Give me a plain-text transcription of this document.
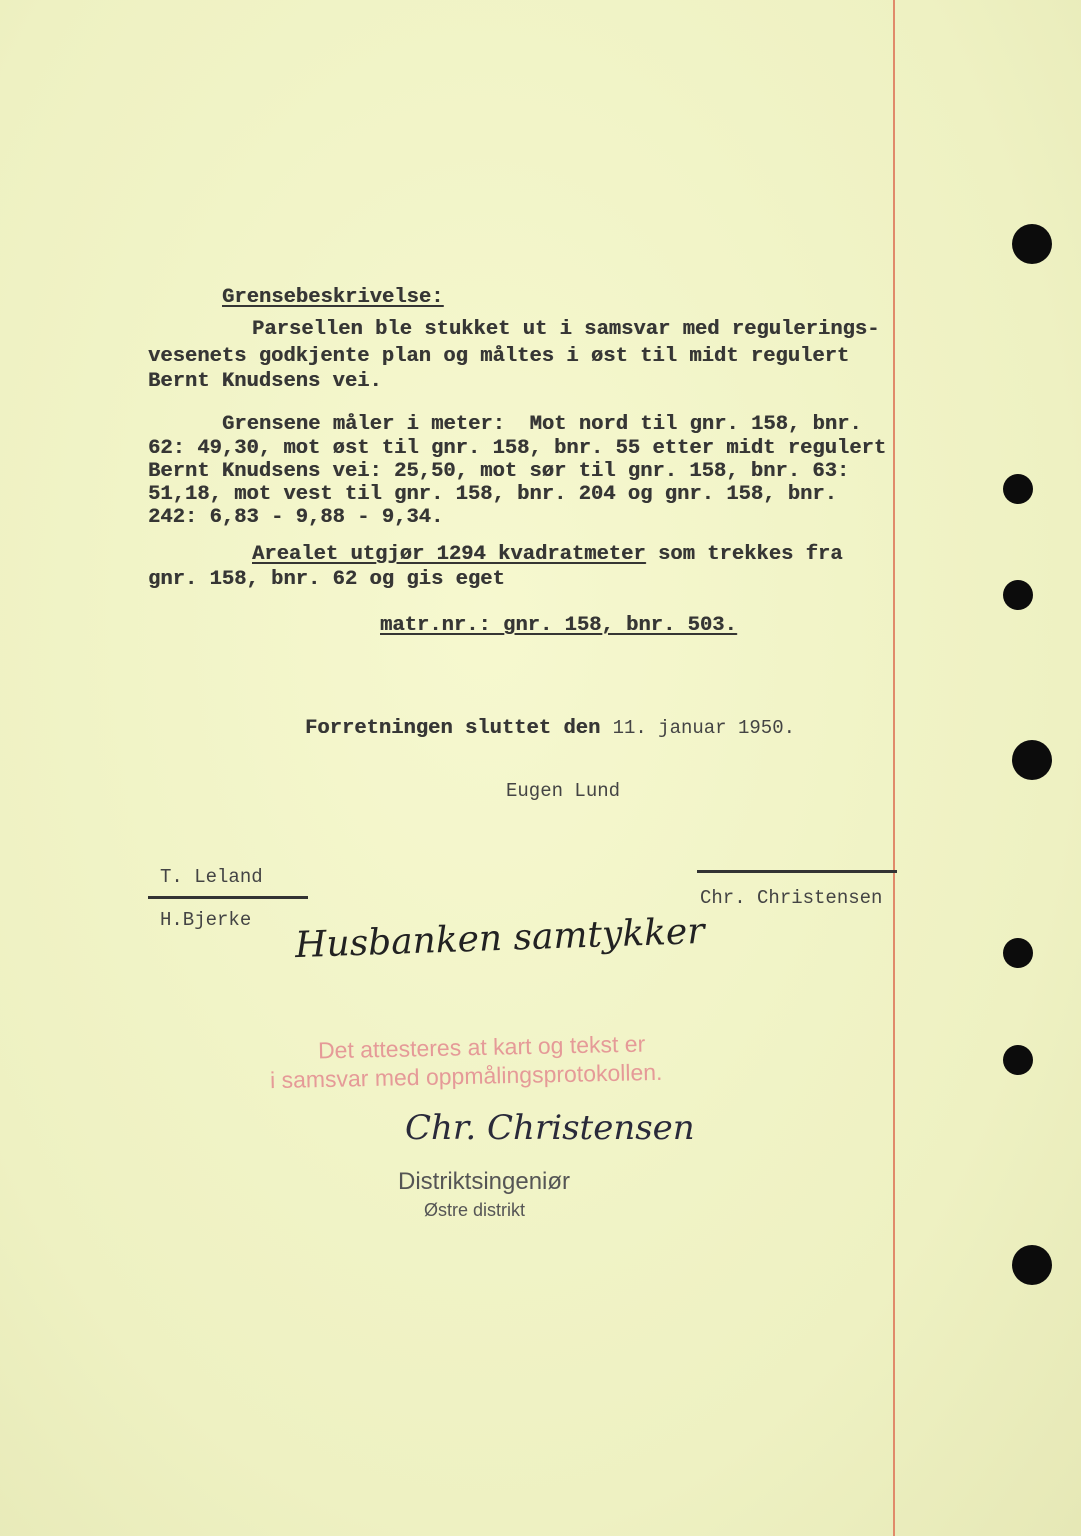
Grensebeskrivelse:
Parsellen ble stukket ut i samsvar med regulerings-
vesenets godkjente plan og måltes i øst til midt regulert
Bernt Knudsens vei.
Grensene måler i meter:  Mot nord til gnr. 158, bnr.
62: 49,30, mot øst til gnr. 158, bnr. 55 etter midt regulert
Bernt Knudsens vei: 25,50, mot sør til gnr. 158, bnr. 63:
51,18, mot vest til gnr. 158, bnr. 204 og gnr. 158, bnr.
242: 6,83 - 9,88 - 9,34.
Arealet utgjør 1294 kvadratmeter som trekkes fra
gnr. 158, bnr. 62 og gis eget
matr.nr.: gnr. 158, bnr. 503.
Forretningen sluttet den 11. januar 1950.
Eugen Lund
T. Leland
Chr. Christensen
H.Bjerke Husbanken samtykker
Det attesteres at kart og tekst er
i samsvar med oppmålingsprotokollen.
Chr. Christensen
Distriktsingeniør
Østre distrikt
